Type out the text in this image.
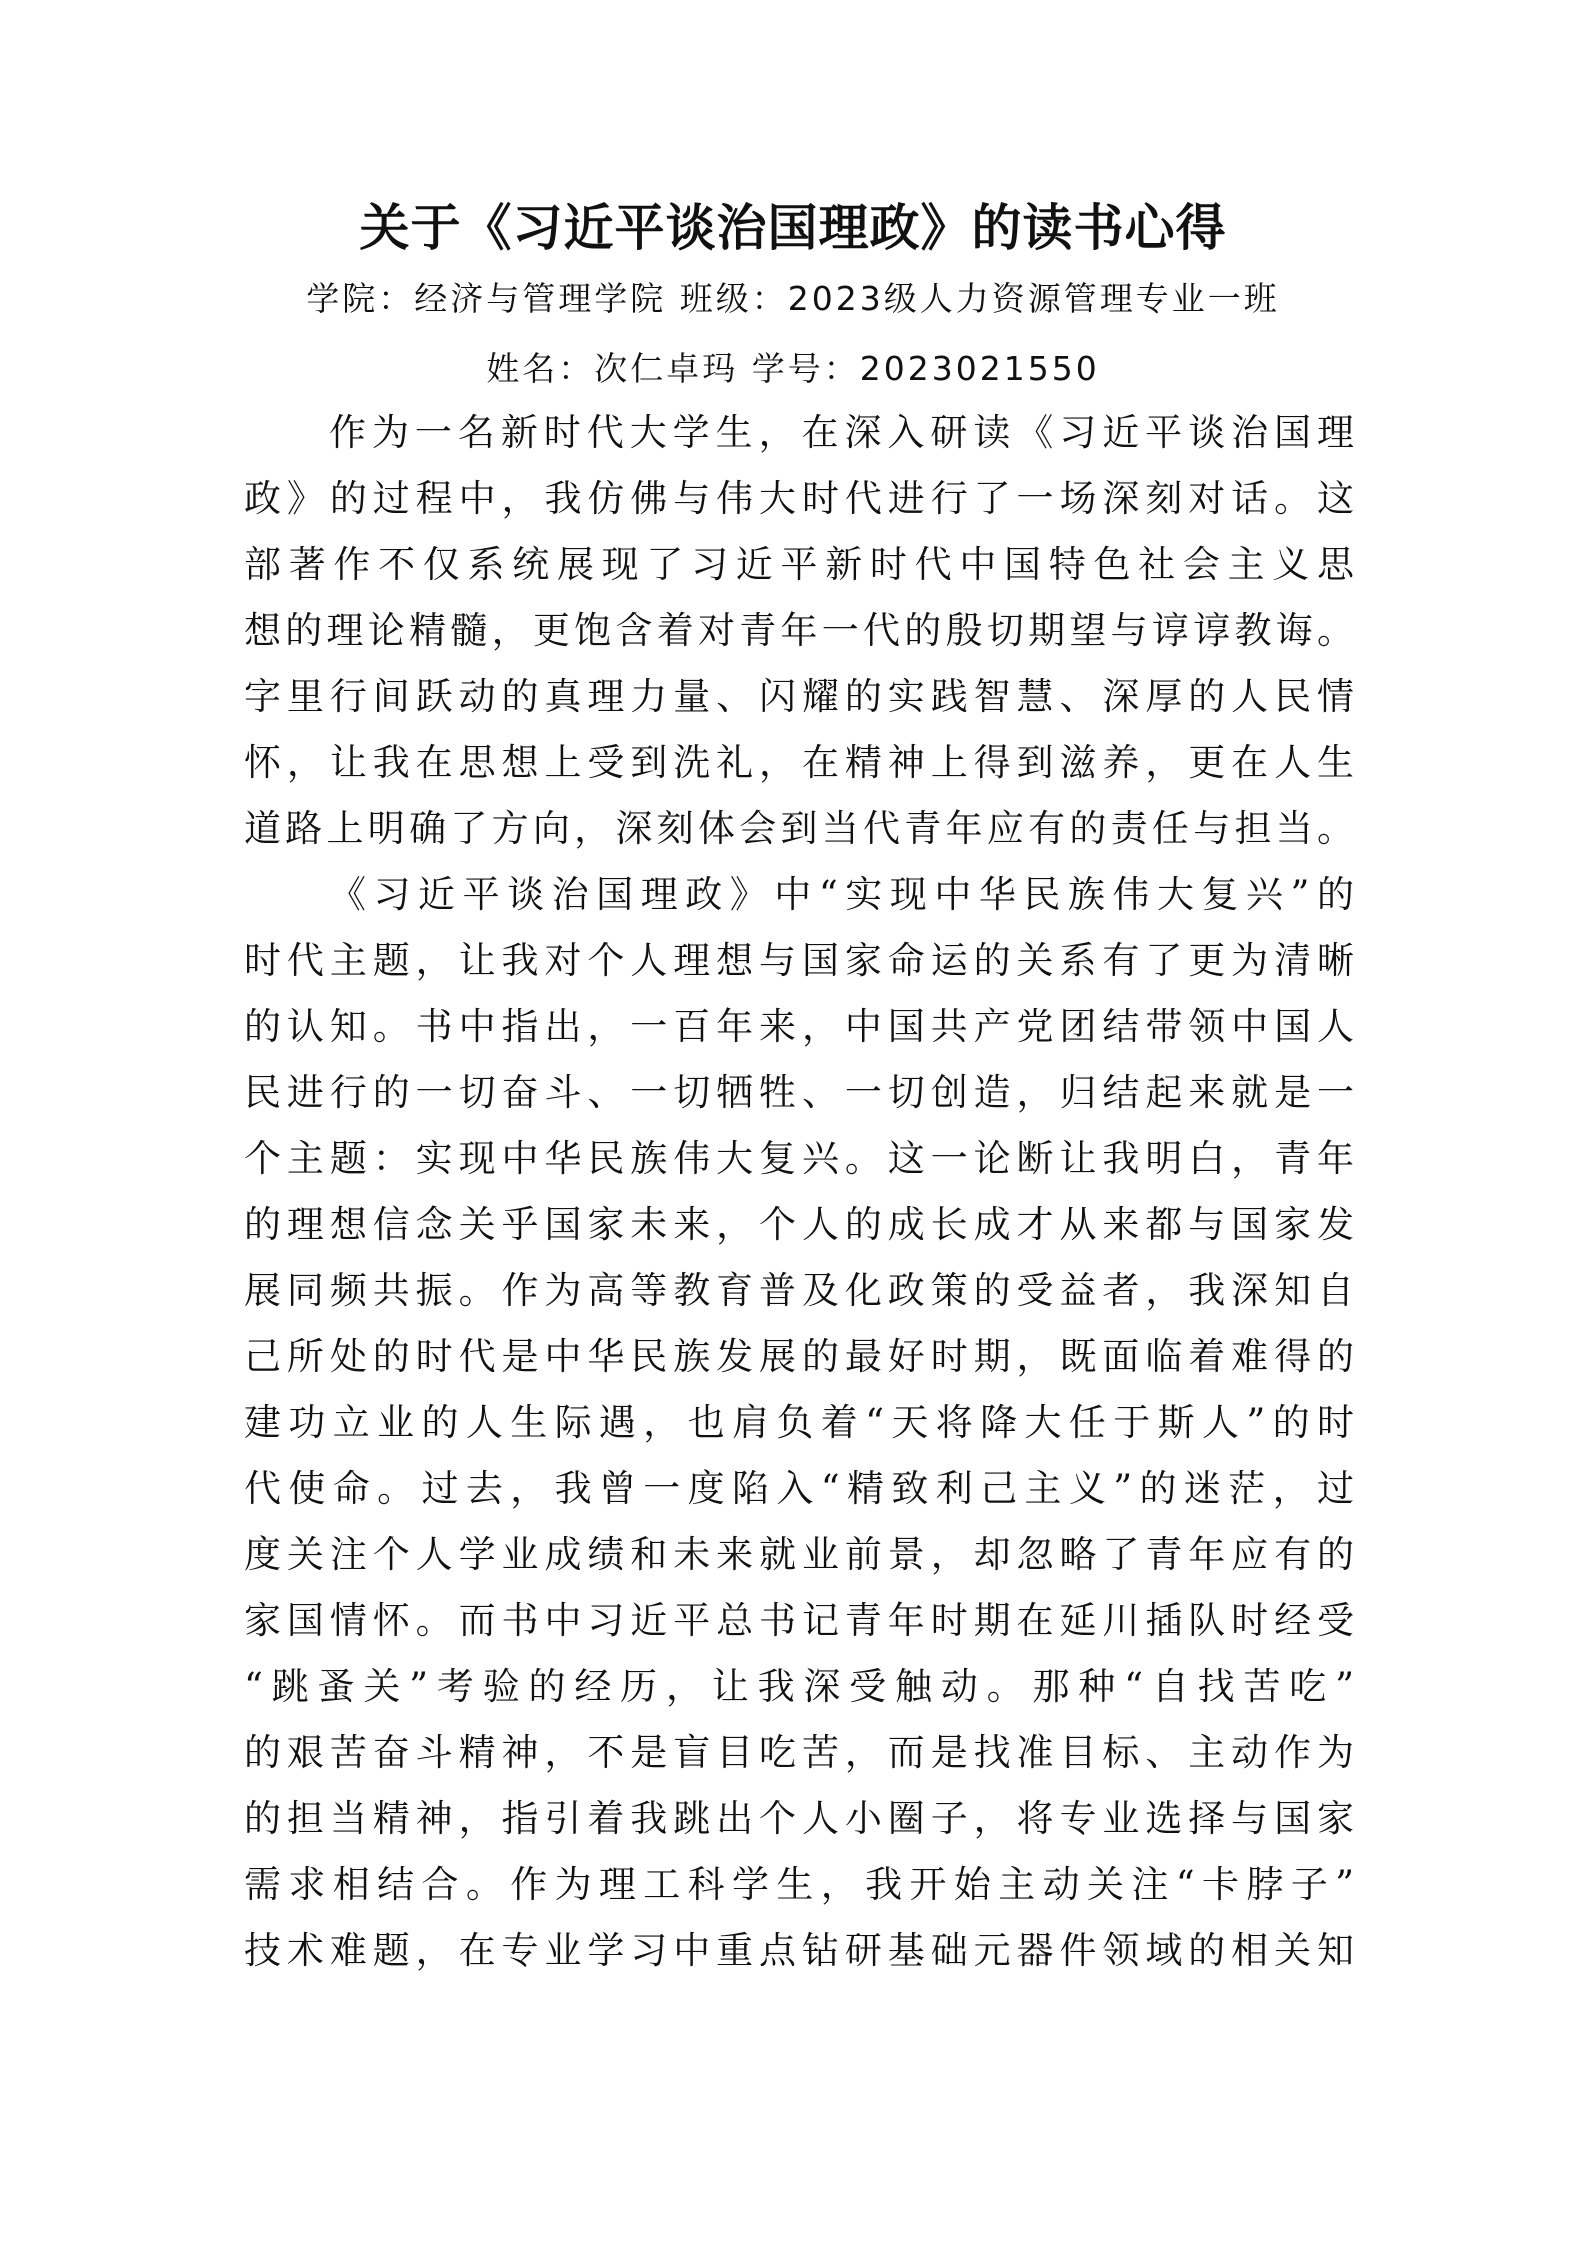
关于《习近平谈治国理政》的读书心得
学院：经济与管理学院 班级：2023级人力资源管理专业一班
姓名：次仁卓玛 学号：2023021550
作为一名新时代大学生，在深入研读《习近平谈治国理
政》的过程中，我仿佛与伟大时代进行了一场深刻对话。这
部著作不仅系统展现了习近平新时代中国特色社会主义思
想的理论精髓，更饱含着对青年一代的殷切期望与谆谆教诲。
字里行间跃动的真理力量、闪耀的实践智慧、深厚的人民情
怀，让我在思想上受到洗礼，在精神上得到滋养，更在人生
道路上明确了方向，深刻体会到当代青年应有的责任与担当。
《习近平谈治国理政》中“实现中华民族伟大复兴”的
时代主题，让我对个人理想与国家命运的关系有了更为清晰
的认知。书中指出，一百年来，中国共产党团结带领中国人
民进行的一切奋斗、一切牺牲、一切创造，归结起来就是一
个主题：实现中华民族伟大复兴。这一论断让我明白，青年
的理想信念关乎国家未来，个人的成长成才从来都与国家发
展同频共振。作为高等教育普及化政策的受益者，我深知自
己所处的时代是中华民族发展的最好时期，既面临着难得的
建功立业的人生际遇，也肩负着“天将降大任于斯人”的时
代使命。过去，我曾一度陷入“精致利己主义”的迷茫，过
度关注个人学业成绩和未来就业前景，却忽略了青年应有的
家国情怀。而书中习近平总书记青年时期在延川插队时经受
“跳蚤关”考验的经历，让我深受触动。那种“自找苦吃”
的艰苦奋斗精神，不是盲目吃苦，而是找准目标、主动作为
的担当精神，指引着我跳出个人小圈子，将专业选择与国家
需求相结合。作为理工科学生，我开始主动关注“卡脖子”
技术难题，在专业学习中重点钻研基础元器件领域的相关知
